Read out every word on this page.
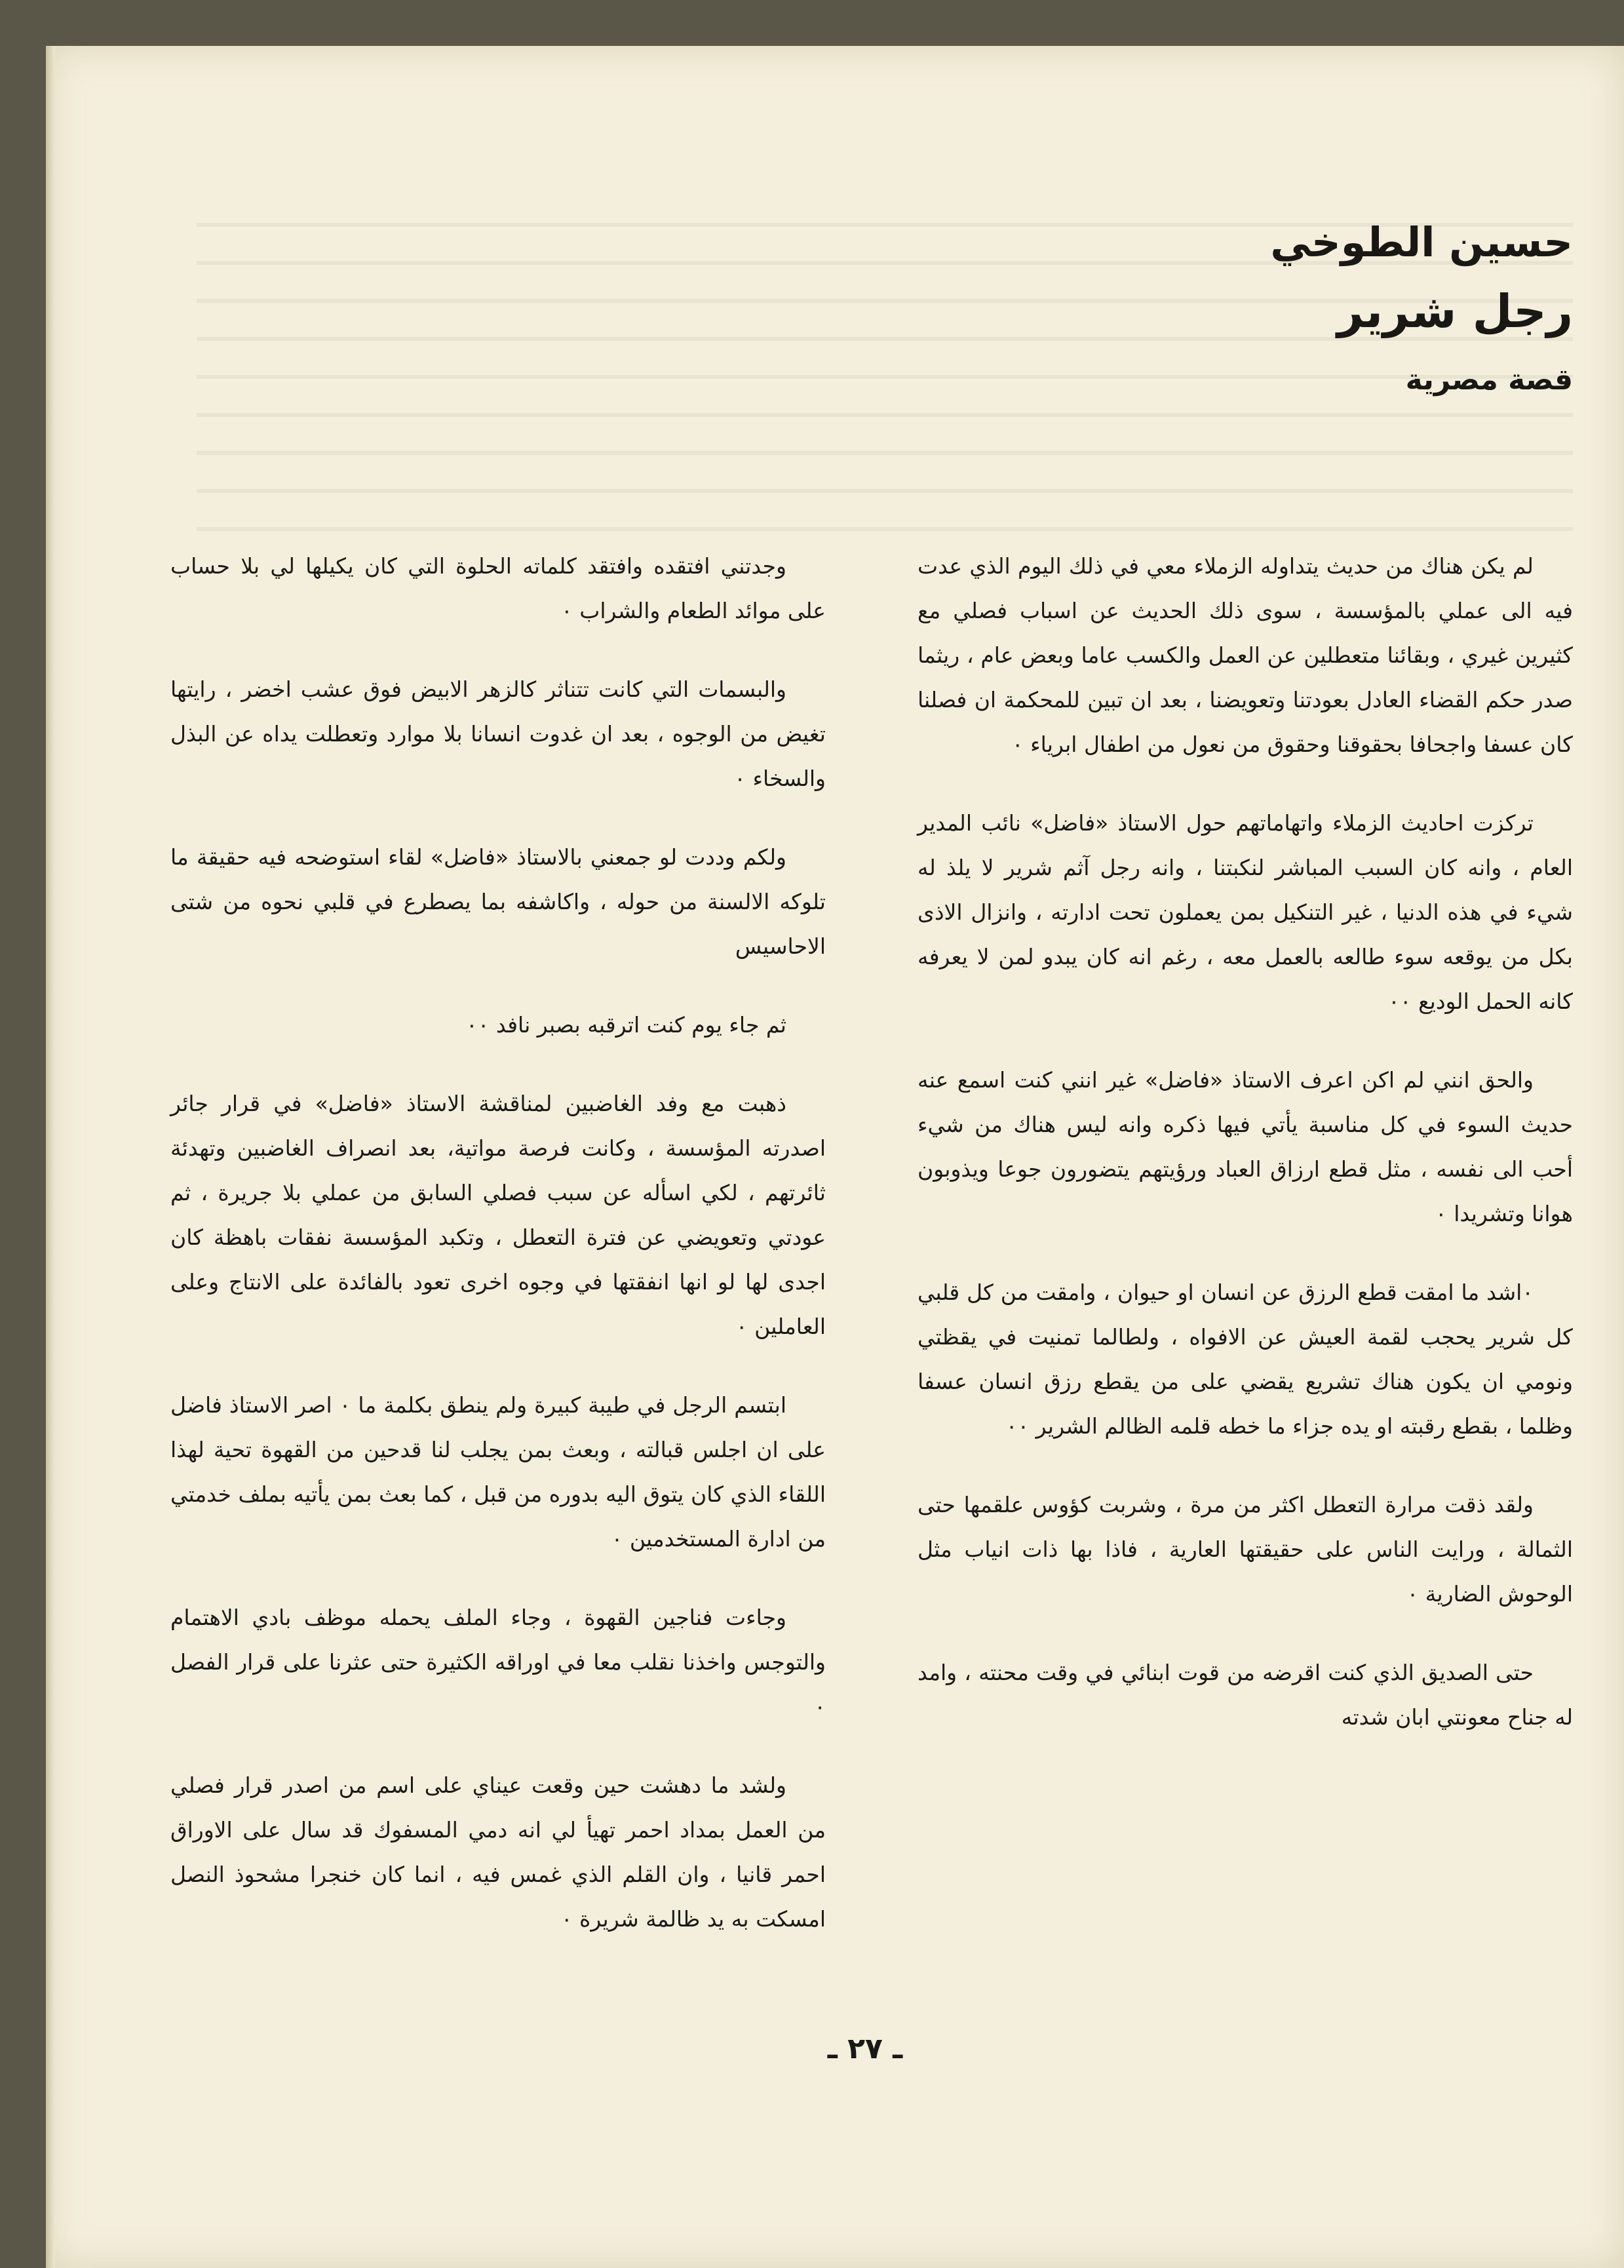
حسين الطوخي
رجل شرير
قصة مصرية

لم يكن هناك من حديث يتداوله الزملاء معي في ذلك اليوم الذي عدت فيه الى عملي بالمؤسسة ، سوى ذلك الحديث عن اسباب فصلي مع كثيرين غيري ، وبقائنا متعطلين عن العمل والكسب عاما وبعض عام ، ريثما صدر حكم القضاء العادل بعودتنا وتعويضنا ، بعد ان تبين للمحكمة ان فصلنا كان عسفا واجحافا بحقوقنا وحقوق من نعول من اطفال ابرياء ٠

تركزت احاديث الزملاء واتهاماتهم حول الاستاذ «فاضل» نائب المدير العام ، وانه كان السبب المباشر لنكبتنا ، وانه رجل آثم شرير لا يلذ له شيء في هذه الدنيا ، غير التنكيل بمن يعملون تحت ادارته ، وانزال الاذى بكل من يوقعه سوء طالعه بالعمل معه ، رغم انه كان يبدو لمن لا يعرفه كانه الحمل الوديع ٠٠

والحق انني لم اكن اعرف الاستاذ «فاضل» غير انني كنت اسمع عنه حديث السوء في كل مناسبة يأتي فيها ذكره وانه ليس هناك من شيء أحب الى نفسه ، مثل قطع ارزاق العباد ورؤيتهم يتضورون جوعا ويذوبون هوانا وتشريدا ٠

٠اشد ما امقت قطع الرزق عن انسان او حيوان ، وامقت من كل قلبي كل شرير يحجب لقمة العيش عن الافواه ، ولطالما تمنيت في يقظتي ونومي ان يكون هناك تشريع يقضي على من يقطع رزق انسان عسفا وظلما ، بقطع رقبته او يده جزاء ما خطه قلمه الظالم الشرير ٠٠

ولقد ذقت مرارة التعطل اكثر من مرة ، وشربت كؤوس علقمها حتى الثمالة ، ورايت الناس على حقيقتها العارية ، فاذا بها ذات انياب مثل الوحوش الضارية ٠

حتى الصديق الذي كنت اقرضه من قوت ابنائي في وقت محنته ، وامد له جناح معونتي ابان شدته

وجدتني افتقده وافتقد كلماته الحلوة التي كان يكيلها لي بلا حساب على موائد الطعام والشراب ٠

والبسمات التي كانت تتناثر كالزهر الابيض فوق عشب اخضر ، رايتها تغيض من الوجوه ، بعد ان غدوت انسانا بلا موارد وتعطلت يداه عن البذل والسخاء ٠

ولكم وددت لو جمعني بالاستاذ «فاضل» لقاء استوضحه فيه حقيقة ما تلوكه الالسنة من حوله ، واكاشفه بما يصطرع في قلبي نحوه من شتى الاحاسيس

ثم جاء يوم كنت اترقبه بصبر نافد ٠٠

ذهبت مع وفد الغاضبين لمناقشة الاستاذ «فاضل» في قرار جائر اصدرته المؤسسة ، وكانت فرصة مواتية، بعد انصراف الغاضبين وتهدئة ثائرتهم ، لكي اسأله عن سبب فصلي السابق من عملي بلا جريرة ، ثم عودتي وتعويضي عن فترة التعطل ، وتكبد المؤسسة نفقات باهظة كان اجدى لها لو انها انفقتها في وجوه اخرى تعود بالفائدة على الانتاج وعلى العاملين ٠

ابتسم الرجل في طيبة كبيرة ولم ينطق بكلمة ما ٠ اصر الاستاذ فاضل على ان اجلس قبالته ، وبعث بمن يجلب لنا قدحين من القهوة تحية لهذا اللقاء الذي كان يتوق اليه بدوره من قبل ، كما بعث بمن يأتيه بملف خدمتي من ادارة المستخدمين ٠

وجاءت فناجين القهوة ، وجاء الملف يحمله موظف بادي الاهتمام والتوجس واخذنا نقلب معا في اوراقه الكثيرة حتى عثرنا على قرار الفصل ٠

ولشد ما دهشت حين وقعت عيناي على اسم من اصدر قرار فصلي من العمل بمداد احمر تهيأ لي انه دمي المسفوك قد سال على الاوراق احمر قانيا ، وان القلم الذي غمس فيه ، انما كان خنجرا مشحوذ النصل امسكت به يد ظالمة شريرة ٠

ـ ٢٧ ـ
